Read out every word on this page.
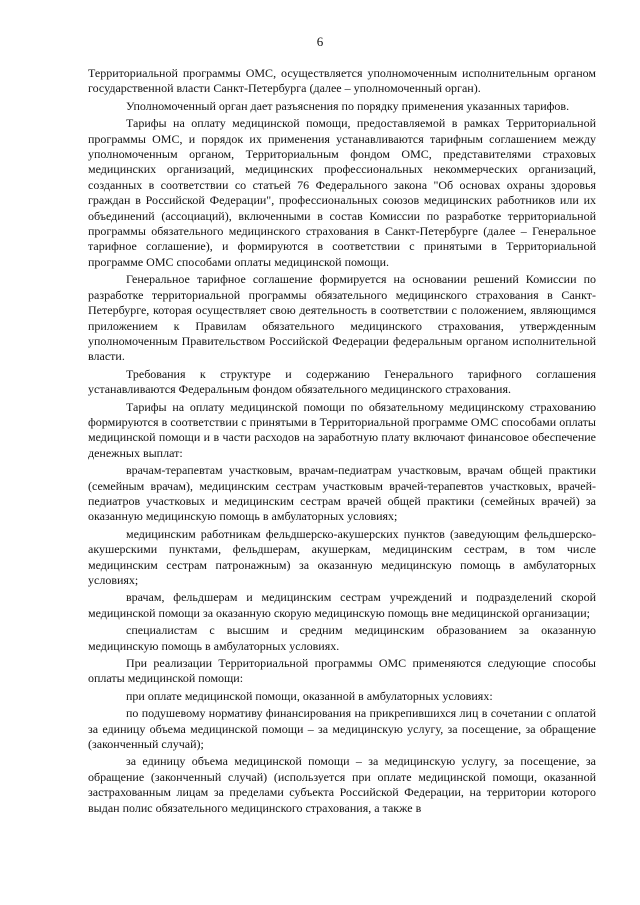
6

Территориальной программы ОМС, осуществляется уполномоченным исполнительным органом государственной власти Санкт-Петербурга (далее – уполномоченный орган).

Уполномоченный орган дает разъяснения по порядку применения указанных тарифов.

Тарифы на оплату медицинской помощи, предоставляемой в рамках Территориальной программы ОМС, и порядок их применения устанавливаются тарифным соглашением между уполномоченным органом, Территориальным фондом ОМС, представителями страховых медицинских организаций, медицинских профессиональных некоммерческих организаций, созданных в соответствии со статьей 76 Федерального закона "Об основах охраны здоровья граждан в Российской Федерации", профессиональных союзов медицинских работников или их объединений (ассоциаций), включенными в состав Комиссии по разработке территориальной программы обязательного медицинского страхования в Санкт-Петербурге (далее – Генеральное тарифное соглашение), и формируются в соответствии с принятыми в Территориальной программе ОМС способами оплаты медицинской помощи.

Генеральное тарифное соглашение формируется на основании решений Комиссии по разработке территориальной программы обязательного медицинского страхования в Санкт-Петербурге, которая осуществляет свою деятельность в соответствии с положением, являющимся приложением к Правилам обязательного медицинского страхования, утвержденным уполномоченным Правительством Российской Федерации федеральным органом исполнительной власти.

Требования к структуре и содержанию Генерального тарифного соглашения устанавливаются Федеральным фондом обязательного медицинского страхования.

Тарифы на оплату медицинской помощи по обязательному медицинскому страхованию формируются в соответствии с принятыми в Территориальной программе ОМС способами оплаты медицинской помощи и в части расходов на заработную плату включают финансовое обеспечение денежных выплат:

врачам-терапевтам участковым, врачам-педиатрам участковым, врачам общей практики (семейным врачам), медицинским сестрам участковым врачей-терапевтов участковых, врачей-педиатров участковых и медицинским сестрам врачей общей практики (семейных врачей) за оказанную медицинскую помощь в амбулаторных условиях;

медицинским работникам фельдшерско-акушерских пунктов (заведующим фельдшерско-акушерскими пунктами, фельдшерам, акушеркам, медицинским сестрам, в том числе медицинским сестрам патронажным) за оказанную медицинскую помощь в амбулаторных условиях;

врачам, фельдшерам и медицинским сестрам учреждений и подразделений скорой медицинской помощи за оказанную скорую медицинскую помощь вне медицинской организации;

специалистам с высшим и средним медицинским образованием за оказанную медицинскую помощь в амбулаторных условиях.

При реализации Территориальной программы ОМС применяются следующие способы оплаты медицинской помощи:

при оплате медицинской помощи, оказанной в амбулаторных условиях:

по подушевому нормативу финансирования на прикрепившихся лиц в сочетании с оплатой за единицу объема медицинской помощи – за медицинскую услугу, за посещение, за обращение (законченный случай);

за единицу объема медицинской помощи – за медицинскую услугу, за посещение, за обращение (законченный случай) (используется при оплате медицинской помощи, оказанной застрахованным лицам за пределами субъекта Российской Федерации, на территории которого выдан полис обязательного медицинского страхования, а также в
